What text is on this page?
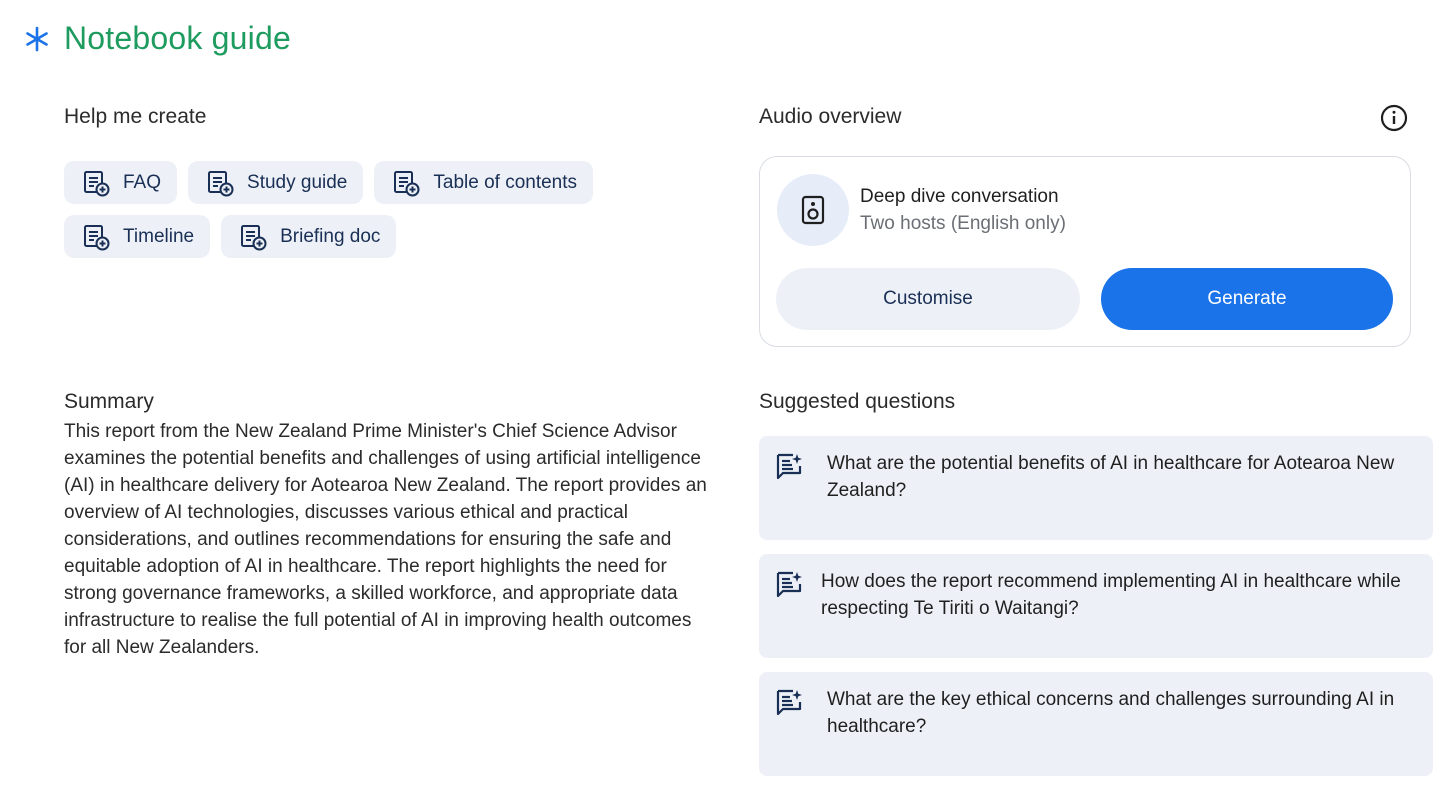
Notebook guide
Help me create
FAQ	Study guide	Table of contents
Timeline	Briefing doc
Audio overview
Deep dive conversation
Two hosts (English only)
Customise	Generate
Summary
This report from the New Zealand Prime Minister's Chief Science Advisor examines the potential benefits and challenges of using artificial intelligence (AI) in healthcare delivery for Aotearoa New Zealand. The report provides an overview of AI technologies, discusses various ethical and practical considerations, and outlines recommendations for ensuring the safe and equitable adoption of AI in healthcare. The report highlights the need for strong governance frameworks, a skilled workforce, and appropriate data infrastructure to realise the full potential of AI in improving health outcomes for all New Zealanders.
Suggested questions
What are the potential benefits of AI in healthcare for Aotearoa New Zealand?
How does the report recommend implementing AI in healthcare while respecting Te Tiriti o Waitangi?
What are the key ethical concerns and challenges surrounding AI in healthcare?
